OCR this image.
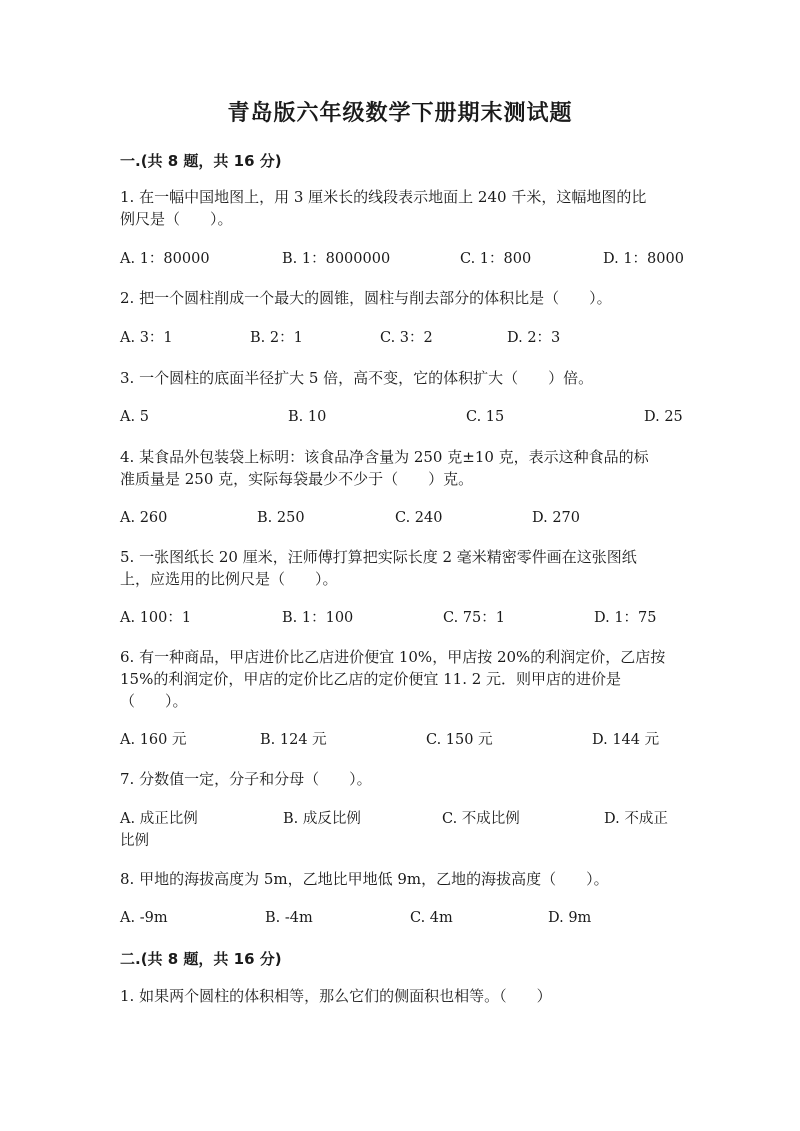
青岛版六年级数学下册期末测试题
一.(共 8 题，共 16 分)
1. 在一幅中国地图上，用 3 厘米长的线段表示地面上 240 千米，这幅地图的比
例尺是（　　）。
A. 1：80000	B. 1：8000000	C. 1：800	D. 1：8000
2. 把一个圆柱削成一个最大的圆锥，圆柱与削去部分的体积比是（　　）。
A. 3：1	B. 2：1	C. 3：2	D. 2：3
3. 一个圆柱的底面半径扩大 5 倍，高不变，它的体积扩大（　　）倍。
A. 5	B. 10	C. 15	D. 25
4. 某食品外包装袋上标明：该食品净含量为 250 克±10 克，表示这种食品的标
准质量是 250 克，实际每袋最少不少于（　　）克。
A. 260	B. 250	C. 240	D. 270
5. 一张图纸长 20 厘米，汪师傅打算把实际长度 2 毫米精密零件画在这张图纸
上，应选用的比例尺是（　　）。
A. 100：1	B. 1：100	C. 75：1	D. 1：75
6. 有一种商品，甲店进价比乙店进价便宜 10%，甲店按 20%的利润定价，乙店按
15%的利润定价，甲店的定价比乙店的定价便宜 11. 2 元．则甲店的进价是
（　　）。
A. 160 元	B. 124 元	C. 150 元	D. 144 元
7. 分数值一定，分子和分母（　　）。
A. 成正比例	B. 成反比例	C. 不成比例	D. 不成正
比例
8. 甲地的海拔高度为 5m，乙地比甲地低 9m，乙地的海拔高度（　　）。
A. -9m	B. -4m	C. 4m	D. 9m
二.(共 8 题，共 16 分)
1. 如果两个圆柱的体积相等，那么它们的侧面积也相等。（　　）
